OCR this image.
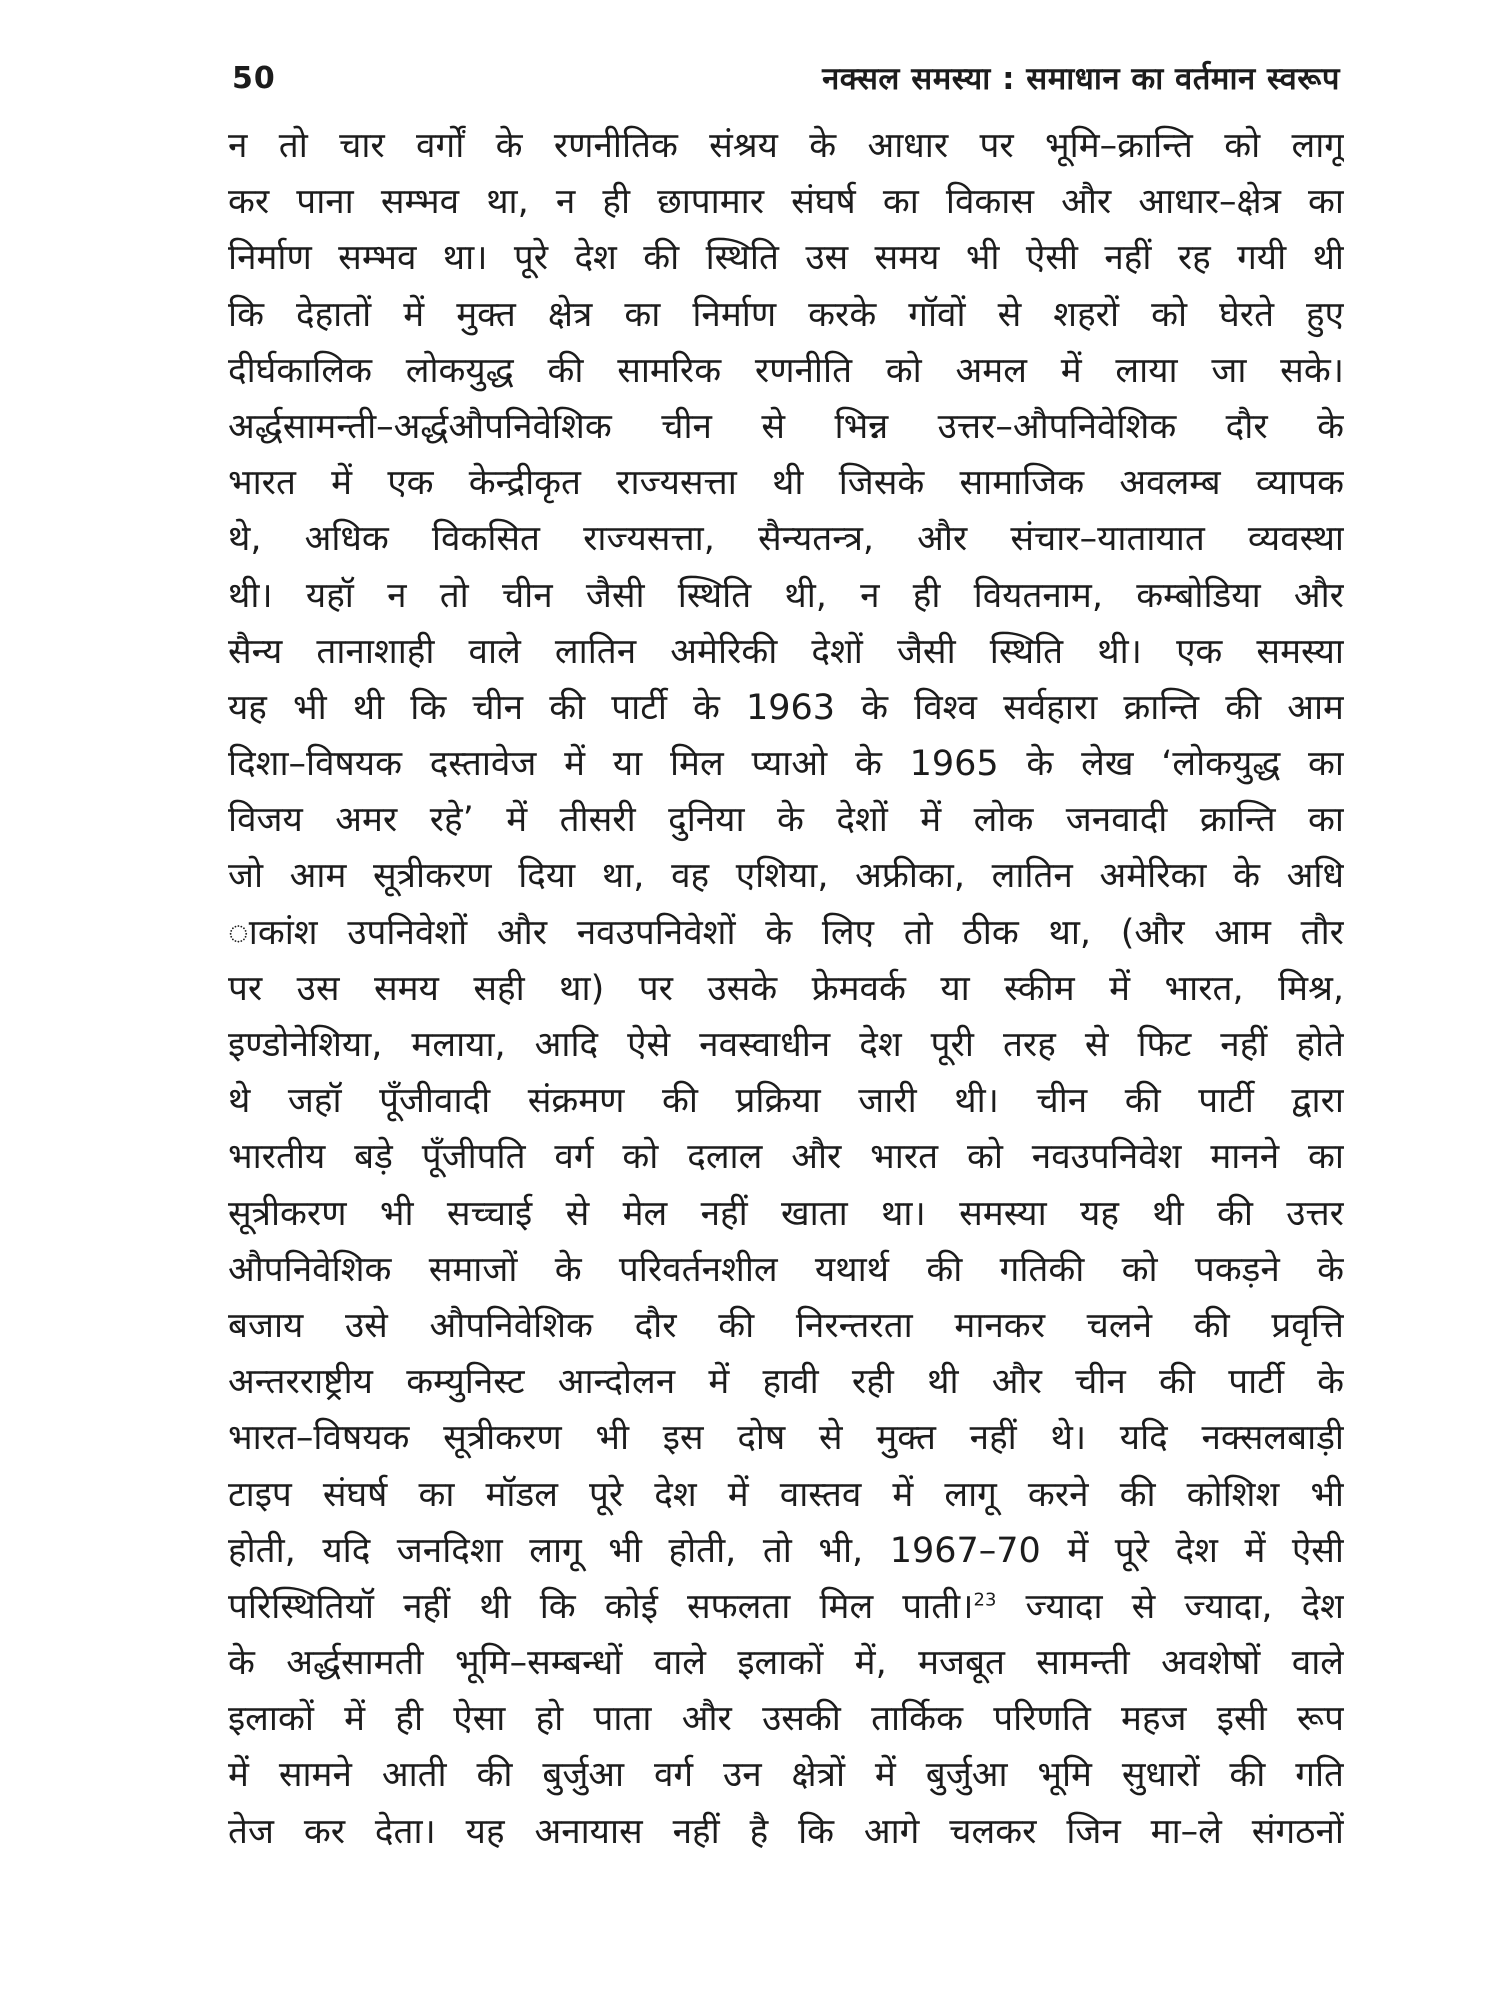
50	नक्सल समस्या : समाधान का वर्तमान स्वरूप
न तो चार वर्गों के रणनीतिक संश्रय के आधार पर भूमि–क्रान्ति को लागू
कर पाना सम्भव था, न ही छापामार संघर्ष का विकास और आधार–क्षेत्र का
निर्माण सम्भव था। पूरे देश की स्थिति उस समय भी ऐसी नहीं रह गयी थी
कि देहातों में मुक्त क्षेत्र का निर्माण करके गॉवों से शहरों को घेरते हुए
दीर्घकालिक लोकयुद्ध की सामरिक रणनीति को अमल में लाया जा सके।
अर्द्धसामन्ती–अर्द्धऔपनिवेशिक चीन से भिन्न उत्तर–औपनिवेशिक दौर के
भारत में एक केन्द्रीकृत राज्यसत्ता थी जिसके सामाजिक अवलम्ब व्यापक
थे, अधिक विकसित राज्यसत्ता, सैन्यतन्त्र, और संचार–यातायात व्यवस्था
थी। यहॉ न तो चीन जैसी स्थिति थी, न ही वियतनाम, कम्बोडिया और
सैन्य तानाशाही वाले लातिन अमेरिकी देशों जैसी स्थिति थी। एक समस्या
यह भी थी कि चीन की पार्टी के 1963 के विश्व सर्वहारा क्रान्ति की आम
दिशा–विषयक दस्तावेज में या मिल प्याओ के 1965 के लेख ‘लोकयुद्ध का
विजय अमर रहे’ में तीसरी दुनिया के देशों में लोक जनवादी क्रान्ति का
जो आम सूत्रीकरण दिया था, वह एशिया, अफ्रीका, लातिन अमेरिका के अधि
ाकांश उपनिवेशों और नवउपनिवेशों के लिए तो ठीक था, (और आम तौर
पर उस समय सही था) पर उसके फ्रेमवर्क या स्कीम में भारत, मिश्र,
इण्डोनेशिया, मलाया, आदि ऐसे नवस्वाधीन देश पूरी तरह से फिट नहीं होते
थे जहॉ पूँजीवादी संक्रमण की प्रक्रिया जारी थी। चीन की पार्टी द्वारा
भारतीय बड़े पूँजीपति वर्ग को दलाल और भारत को नवउपनिवेश मानने का
सूत्रीकरण भी सच्चाई से मेल नहीं खाता था। समस्या यह थी की उत्तर
औपनिवेशिक समाजों के परिवर्तनशील यथार्थ की गतिकी को पकड़ने के
बजाय उसे औपनिवेशिक दौर की निरन्तरता मानकर चलने की प्रवृत्ति
अन्तरराष्ट्रीय कम्युनिस्ट आन्दोलन में हावी रही थी और चीन की पार्टी के
भारत–विषयक सूत्रीकरण भी इस दोष से मुक्त नहीं थे। यदि नक्सलबाड़ी
टाइप संघर्ष का मॉडल पूरे देश में वास्तव में लागू करने की कोशिश भी
होती, यदि जनदिशा लागू भी होती, तो भी, 1967–70 में पूरे देश में ऐसी
परिस्थितियॉ नहीं थी कि कोई सफलता मिल पाती।$^{23}$ ज्यादा से ज्यादा, देश
के अर्द्धसामती भूमि–सम्बन्धों वाले इलाकों में, मजबूत सामन्ती अवशेषों वाले
इलाकों में ही ऐसा हो पाता और उसकी तार्किक परिणति महज इसी रूप
में सामने आती की बुर्जुआ वर्ग उन क्षेत्रों में बुर्जुआ भूमि सुधारों की गति
तेज कर देता। यह अनायास नहीं है कि आगे चलकर जिन मा–ले संगठनों
